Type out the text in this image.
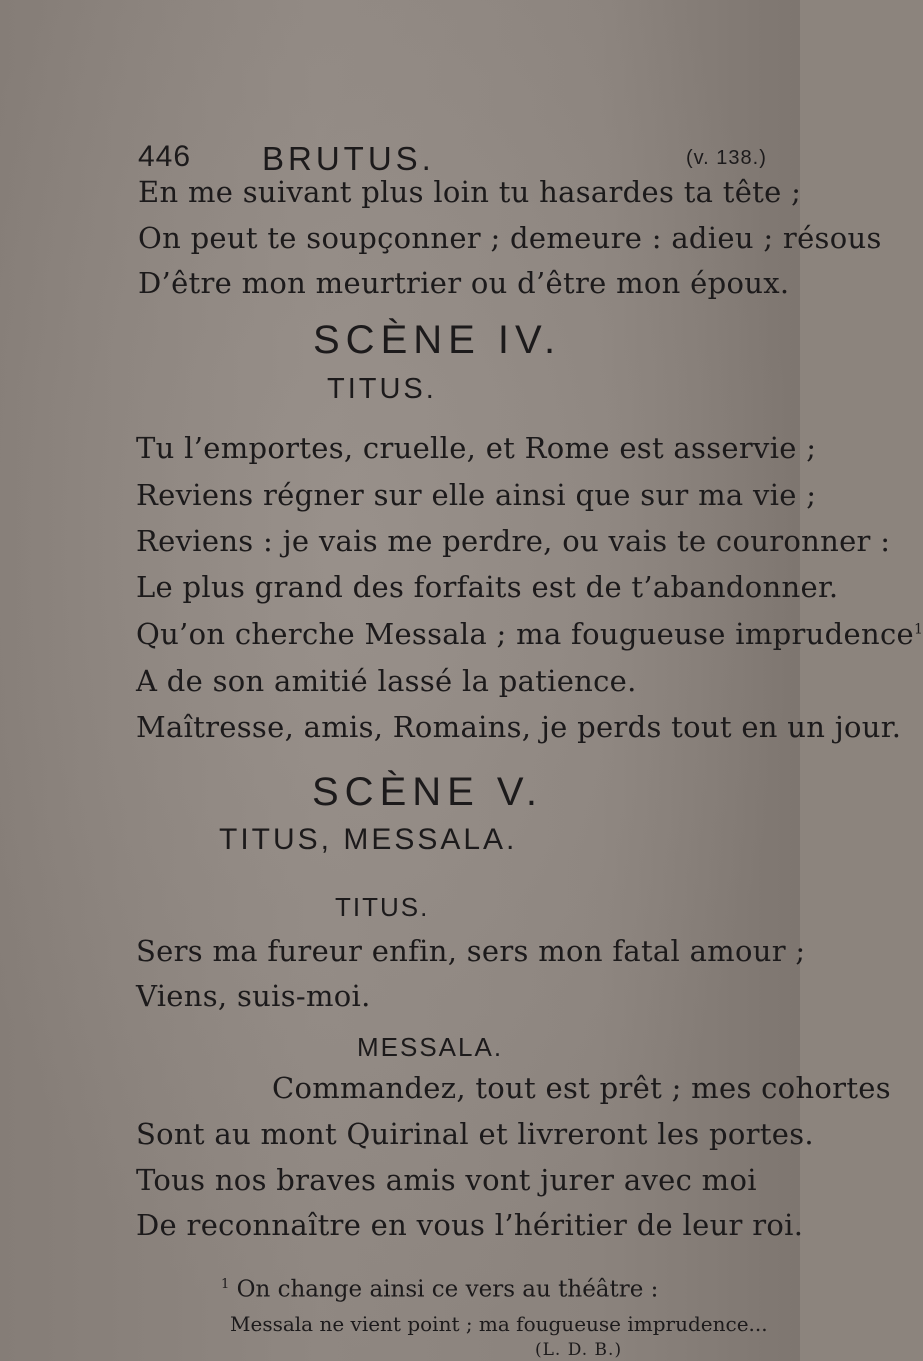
446 BRUTUS.	(v. 138.)
En me suivant plus loin tu hasardes ta tête ;
On peut te soupçonner ; demeure : adieu ; résous
D’être mon meurtrier ou d’être mon époux.
SCÈNE IV.
TITUS.
Tu l’emportes, cruelle, et Rome est asservie ;
Reviens régner sur elle ainsi que sur ma vie ;
Reviens : je vais me perdre, ou vais te couronner :
Le plus grand des forfaits est de t’abandonner.
Qu’on cherche Messala ; ma fougueuse imprudence$^1$
A de son amitié lassé la patience.
Maîtresse, amis, Romains, je perds tout en un jour.
SCÈNE V.
TITUS, MESSALA.
TITUS.
Sers ma fureur enfin, sers mon fatal amour ;
Viens, suis-moi.
MESSALA.
Commandez, tout est prêt ; mes cohortes
Sont au mont Quirinal et livreront les portes.
Tous nos braves amis vont jurer avec moi
De reconnaître en vous l’héritier de leur roi.
$^1$ On change ainsi ce vers au théâtre :
Messala ne vient point ; ma fougueuse imprudence...
(L. D. B.)
